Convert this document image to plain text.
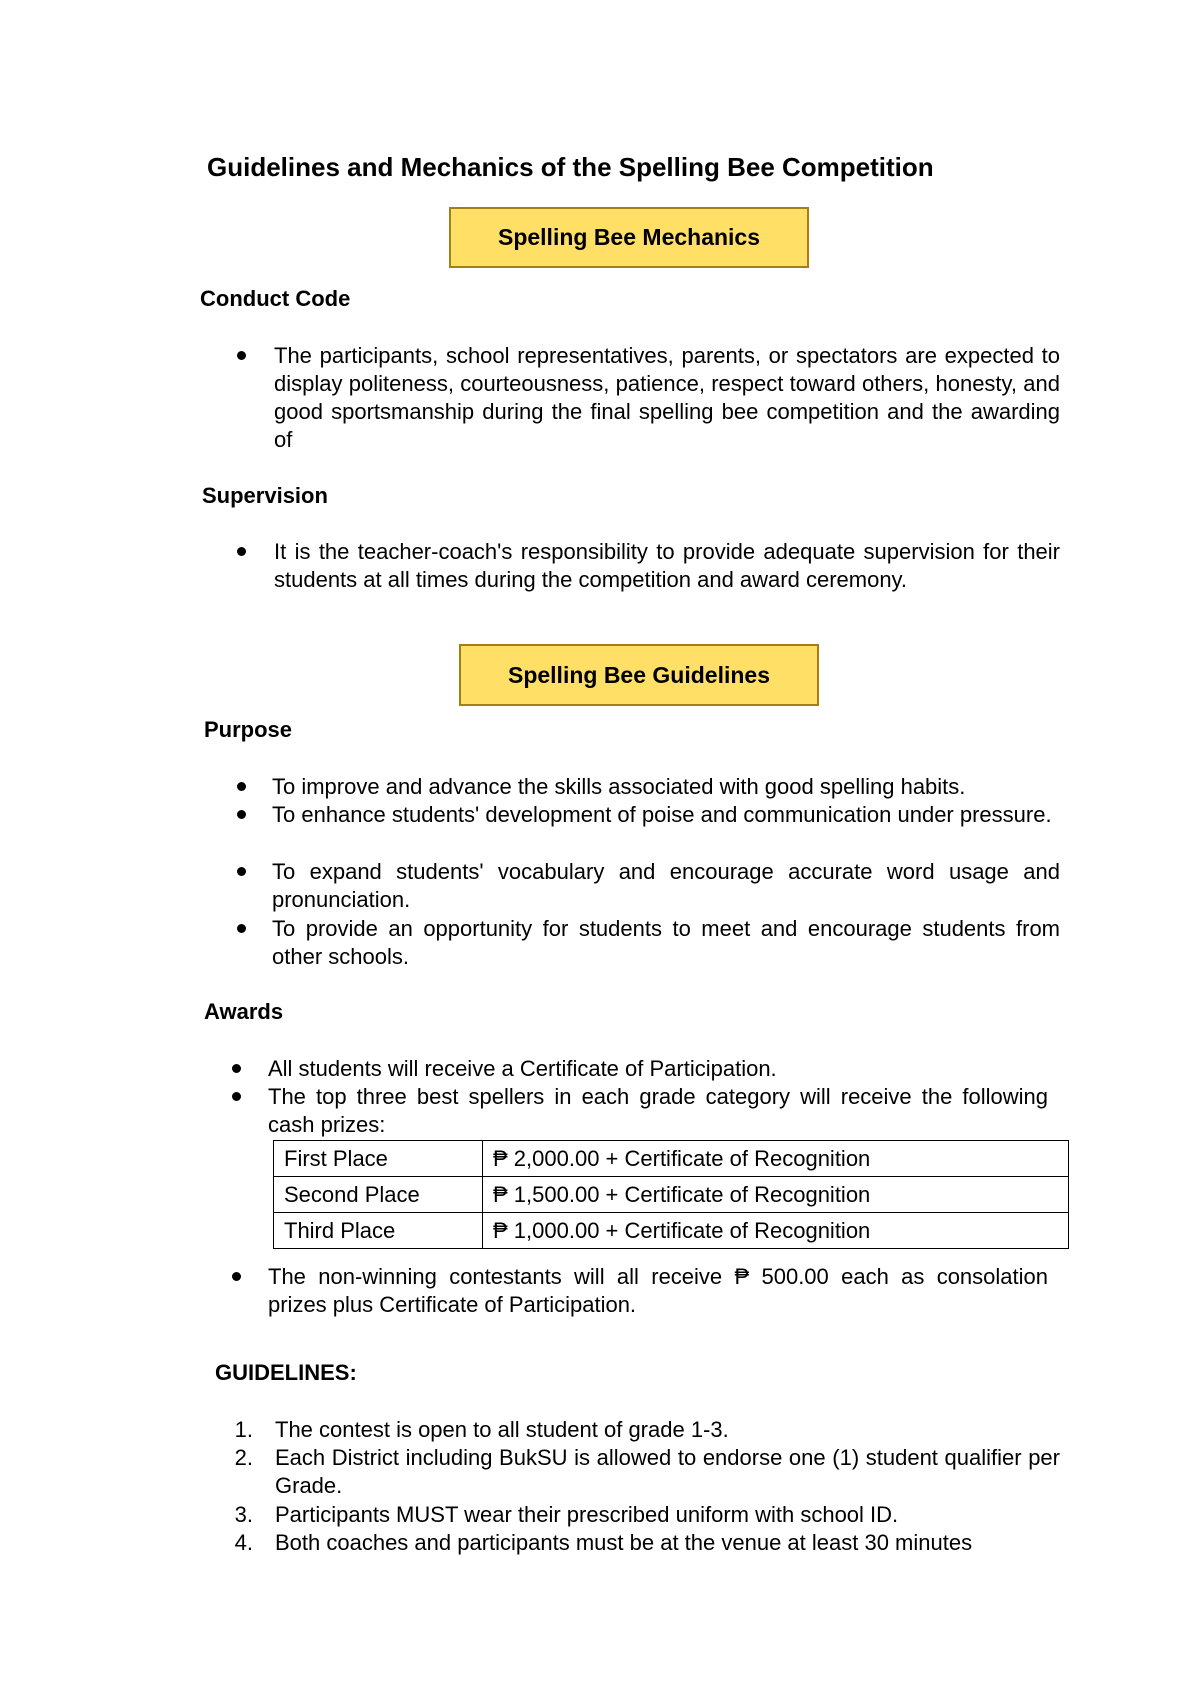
Guidelines and Mechanics of the Spelling Bee Competition
Spelling Bee Mechanics
Conduct Code
The participants, school representatives, parents, or spectators are expected to display politeness, courteousness, patience, respect toward others, honesty, and good sportsmanship during the final spelling bee competition and the awarding of
Supervision
It is the teacher-coach's responsibility to provide adequate supervision for their students at all times during the competition and award ceremony.
Spelling Bee Guidelines
Purpose
To improve and advance the skills associated with good spelling habits.
To enhance students' development of poise and communication under pressure.
To expand students' vocabulary and encourage accurate word usage and pronunciation.
To provide an opportunity for students to meet and encourage students from other schools.
Awards
All students will receive a Certificate of Participation.
The top three best spellers in each grade category will receive the following cash prizes:
First Place	₱ 2,000.00 + Certificate of Recognition
Second Place	₱ 1,500.00 + Certificate of Recognition
Third Place	₱ 1,000.00 + Certificate of Recognition
The non-winning contestants will all receive ₱ 500.00 each as consolation prizes plus Certificate of Participation.
GUIDELINES:
1. The contest is open to all student of grade 1-3.
2. Each District including BukSU is allowed to endorse one (1) student qualifier per Grade.
3. Participants MUST wear their prescribed uniform with school ID.
4. Both coaches and participants must be at the venue at least 30 minutes
